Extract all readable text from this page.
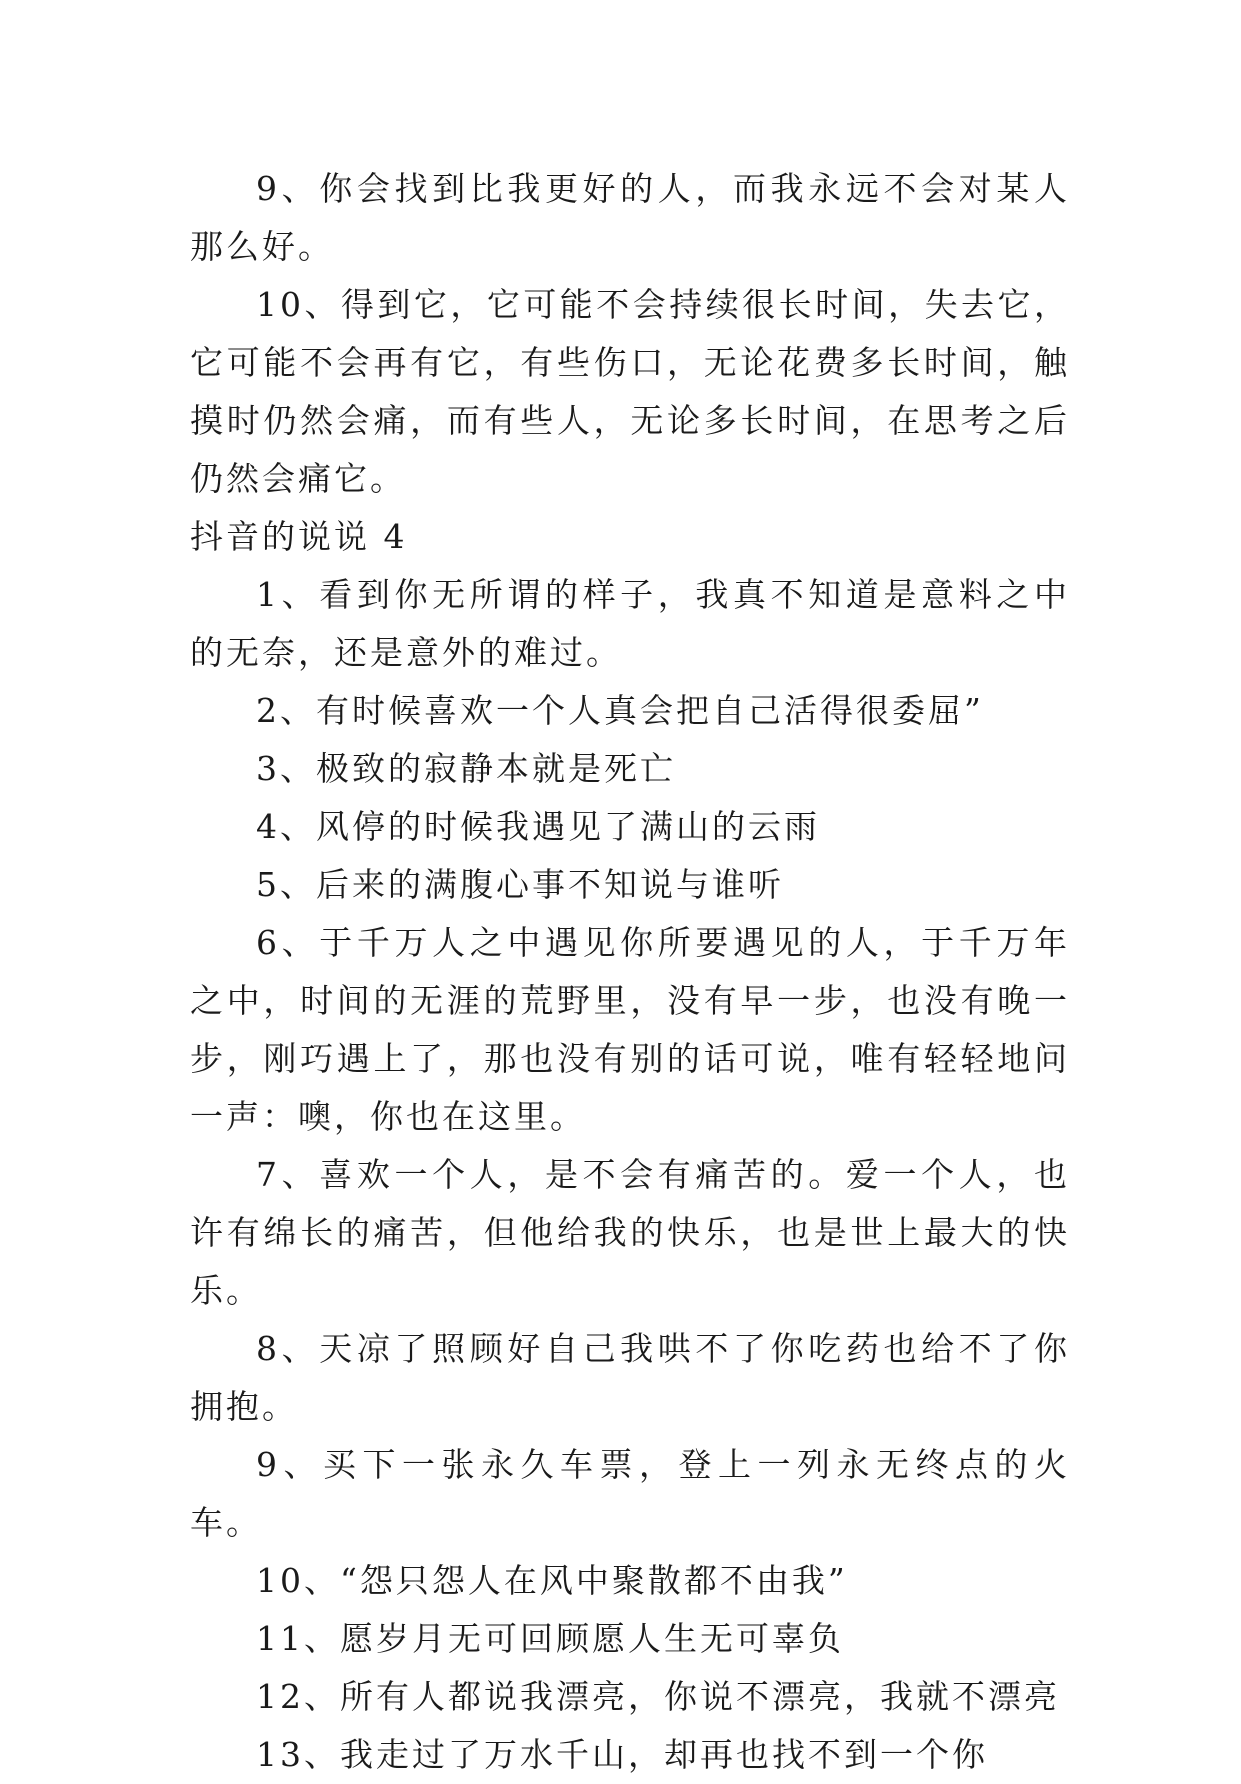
9、你会找到比我更好的人，而我永远不会对某人那么好。

10、得到它，它可能不会持续很长时间，失去它，它可能不会再有它，有些伤口，无论花费多长时间，触摸时仍然会痛，而有些人，无论多长时间，在思考之后仍然会痛它。

抖音的说说 4

1、看到你无所谓的样子，我真不知道是意料之中的无奈，还是意外的难过。

2、有时候喜欢一个人真会把自己活得很委屈”

3、极致的寂静本就是死亡

4、风停的时候我遇见了满山的云雨

5、后来的满腹心事不知说与谁听

6、于千万人之中遇见你所要遇见的人，于千万年之中，时间的无涯的荒野里，没有早一步，也没有晚一步，刚巧遇上了，那也没有别的话可说，唯有轻轻地问一声：噢，你也在这里。

7、喜欢一个人，是不会有痛苦的。爱一个人，也许有绵长的痛苦，但他给我的快乐，也是世上最大的快乐。

8、天凉了照顾好自己我哄不了你吃药也给不了你拥抱。

9、买下一张永久车票，登上一列永无终点的火车。

10、“怨只怨人在风中聚散都不由我”

11、愿岁月无可回顾愿人生无可辜负

12、所有人都说我漂亮，你说不漂亮，我就不漂亮

13、我走过了万水千山，却再也找不到一个你
